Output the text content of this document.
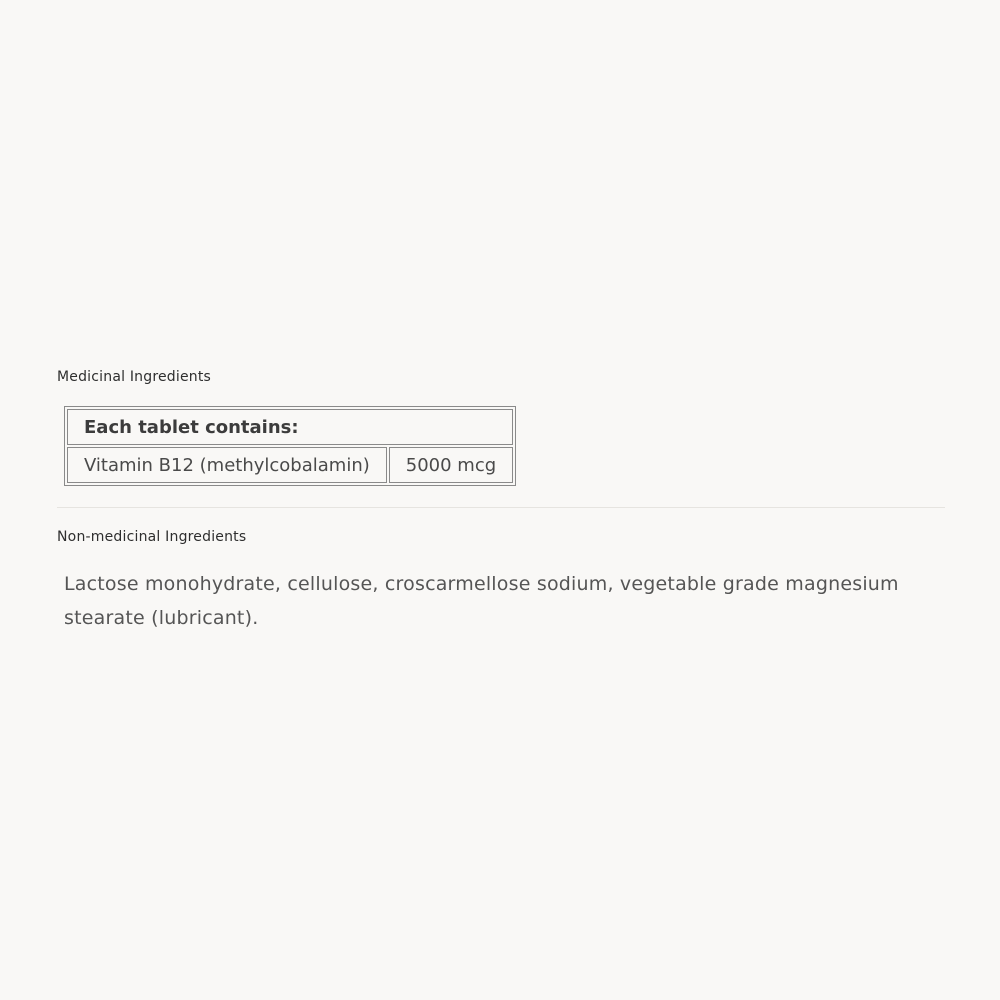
Medicinal Ingredients
Each tablet contains:
Vitamin B12 (methylcobalamin)	5000 mcg
Non-medicinal Ingredients

Lactose monohydrate, cellulose, croscarmellose sodium, vegetable grade magnesium stearate (lubricant).
